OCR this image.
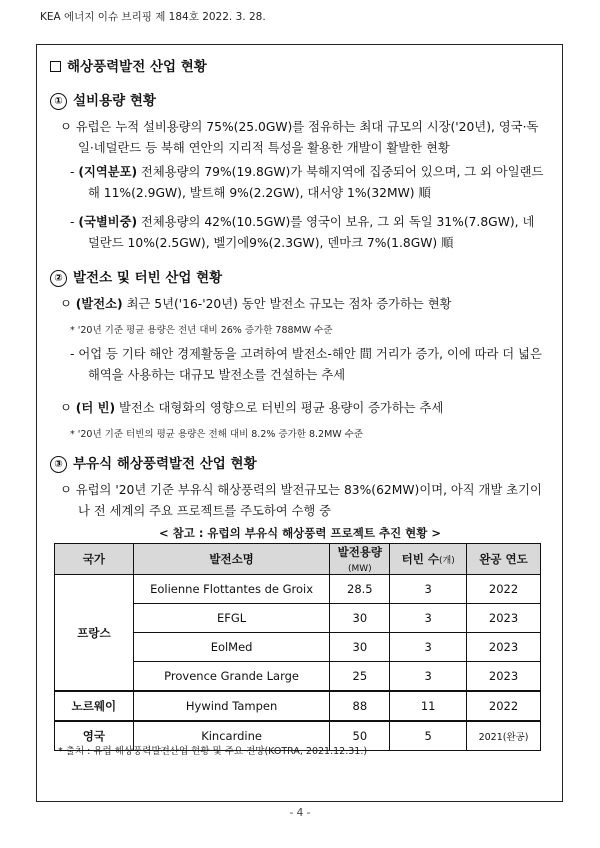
KEA 에너지 이슈 브리핑 제 184호 2022. 3. 28.
해상풍력발전 산업 현황
① 설비용량 현황
ㅇ 유럽은 누적 설비용량의 75%(25.0GW)를 점유하는 최대 규모의 시장('20년), 영국·독일·네덜란드 등 북해 연안의 지리적 특성을 활용한 개발이 활발한 현황
- (지역분포) 전체용량의 79%(19.8GW)가 북해지역에 집중되어 있으며, 그 외 아일랜드해 11%(2.9GW), 발트해 9%(2.2GW), 대서양 1%(32MW) 順
- (국별비중) 전체용량의 42%(10.5GW)를 영국이 보유, 그 외 독일 31%(7.8GW), 네덜란드 10%(2.5GW), 벨기에9%(2.3GW), 덴마크 7%(1.8GW) 順
② 발전소 및 터빈 산업 현황
ㅇ (발전소) 최근 5년('16-'20년) 동안 발전소 규모는 점차 증가하는 현황
* '20년 기준 평균 용량은 전년 대비 26% 증가한 788MW 수준
- 어업 등 기타 해안 경제활동을 고려하여 발전소-해안 間 거리가 증가, 이에 따라 더 넓은 해역을 사용하는 대규모 발전소를 건설하는 추세
ㅇ (터 빈) 발전소 대형화의 영향으로 터빈의 평균 용량이 증가하는 추세
* '20년 기준 터빈의 평균 용량은 전해 대비 8.2% 증가한 8.2MW 수준
③ 부유식 해상풍력발전 산업 현황
ㅇ 유럽의 '20년 기준 부유식 해상풍력의 발전규모는 83%(62MW)이며, 아직 개발 초기이나 전 세계의 주요 프로젝트를 주도하여 수행 중
< 참고 : 유럽의 부유식 해상풍력 프로젝트 추진 현황 >
국가	발전소명	발전용량(MW)	터빈 수(개)	완공 연도
프랑스	Eolienne Flottantes de Groix	28.5	3	2022
	EFGL	30	3	2023
	EolMed	30	3	2023
	Provence Grande Large	25	3	2023
노르웨이	Hywind Tampen	88	11	2022
영국	Kincardine	50	5	2021(완공)
* 출처 : 유럽 해상풍력발전산업 현황 및 주요 전망(KOTRA, 2021.12.31.)
- 4 -
